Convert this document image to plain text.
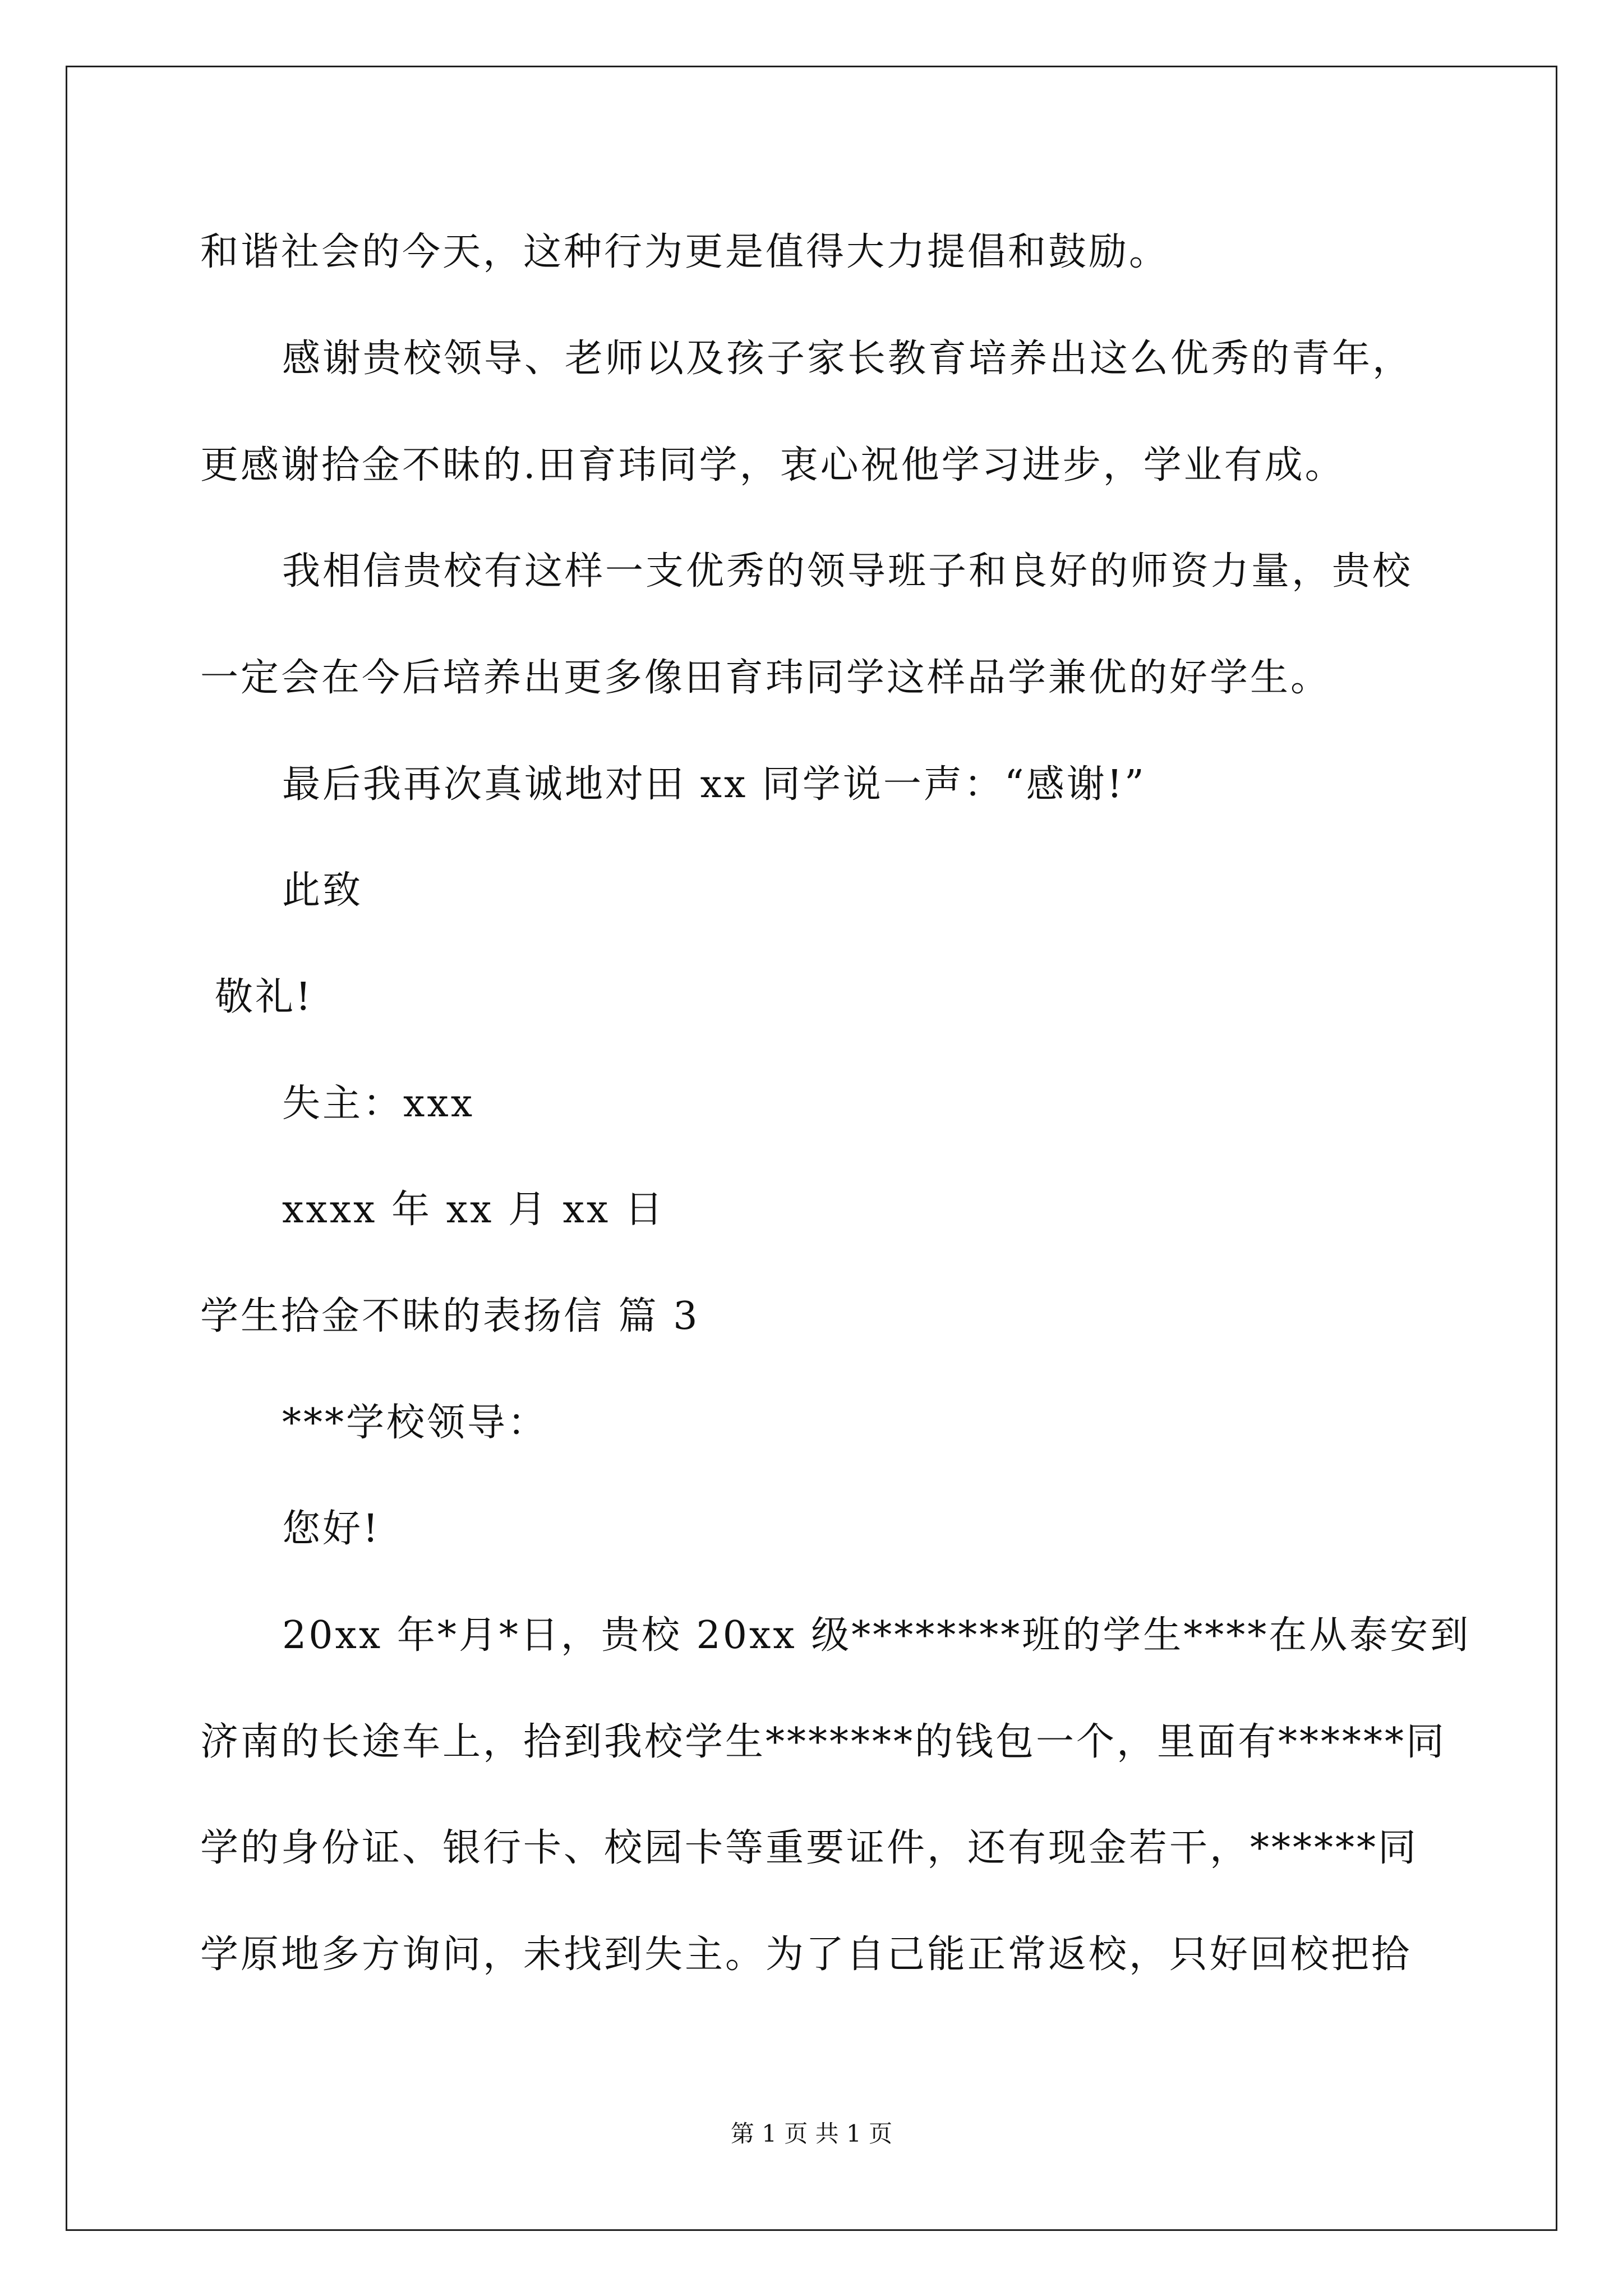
和谐社会的今天，这种行为更是值得大力提倡和鼓励。
感谢贵校领导、老师以及孩子家长教育培养出这么优秀的青年，
更感谢拾金不昧的.田育玮同学，衷心祝他学习进步，学业有成。
我相信贵校有这样一支优秀的领导班子和良好的师资力量，贵校
一定会在今后培养出更多像田育玮同学这样品学兼优的好学生。
最后我再次真诚地对田 xx 同学说一声：“感谢!”
此致
敬礼!
失主：xxx
xxxx 年 xx 月 xx 日
学生拾金不昧的表扬信 篇 3
***学校领导：
您好!
20xx 年*月*日，贵校 20xx 级********班的学生****在从泰安到
济南的长途车上，拾到我校学生*******的钱包一个，里面有******同
学的身份证、银行卡、校园卡等重要证件，还有现金若干，******同
学原地多方询问，未找到失主。为了自己能正常返校，只好回校把拾
第 1 页 共 1 页
